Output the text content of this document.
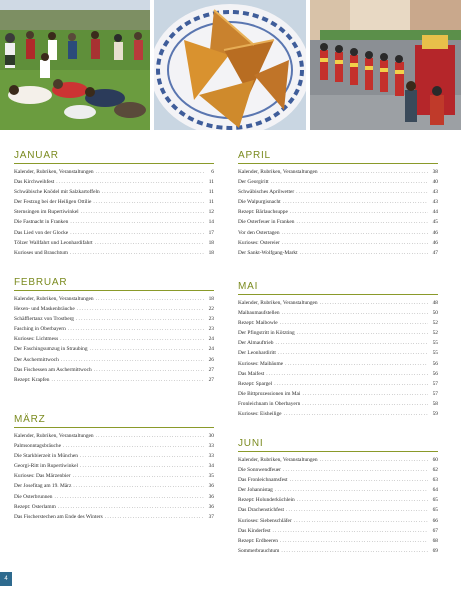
JANUAR
Kalender, Rubriken, Veranstaltungen .....	6
Das Kirchweihfest .....	11
Schwäbische Knödel mit Salzkartoffeln .....	11
Der Festzug bei der Heiligen Ottilie .....	11
Sternsingen im Rupertiwinkel .....	12
Die Fastnacht in Franken .....	14
Das Lied von der Glocke .....	17
Tölzer Wallfahrt und Leonhardifahrt .....	18
Kurioses und Brauchtum .....	18
FEBRUAR
Kalender, Rubriken, Veranstaltungen .....	18
Hexen- und Maskenbräuche .....	22
Schäfflertanz von Trostberg .....	23
Fasching in Oberbayern .....	23
Kurioses: Lichtmess .....	24
Der Faschingsumzug in Straubing .....	24
Der Aschermittwoch .....	26
Das Fischessen am Aschermittwoch .....	27
Rezept: Krapfen .....	27
MÄRZ
Kalender, Rubriken, Veranstaltungen .....	30
Palmsonntagsbräuche .....	33
Die Starkbierzeit in München .....	33
Georgi-Ritt im Rupertiwinkel .....	34
Kurioses: Das Märzenbier .....	35
Der Josefitag am 19. März .....	36
Die Osterbrunnen .....	36
Rezept: Osterlamm .....	36
Das Fischerstechen am Ende des Winters .....	37
APRIL
Kalender, Rubriken, Veranstaltungen .....	38
Der Georgiritt .....	40
Schwäbisches Aprilwetter .....	43
Die Walpurgisnacht .....	43
Rezept: Bärlauchsuppe .....	44
Die Osterfeuer in Franken .....	45
Vor den Ostertagen .....	46
Kurioses: Ostereier .....	46
Der Sankt-Wolfgang-Markt .....	47
MAI
Kalender, Rubriken, Veranstaltungen .....	48
Maibaumaufstellen .....	50
Rezept: Maibowle .....	52
Der Pfingstritt in Kötzting .....	52
Der Almauftrieb .....	55
Der Leonhardiritt .....	55
Kurioses: Maibäume .....	56
Das Maifest .....	56
Rezept: Spargel .....	57
Die Bittprozessionen im Mai .....	57
Fronleichnam in Oberbayern .....	58
Kurioses: Eisheilige .....	59
JUNI
Kalender, Rubriken, Veranstaltungen .....	60
Die Sonnwendfeuer .....	62
Das Fronleichnamsfest .....	63
Der Johannistag .....	64
Rezept: Holunderküchlein .....	65
Das Drachenstichfest .....	65
Kurioses: Siebenschläfer .....	66
Das Kinderfest .....	67
Rezept: Erdbeeren .....	68
Sommerbrauchtum .....	69
4
